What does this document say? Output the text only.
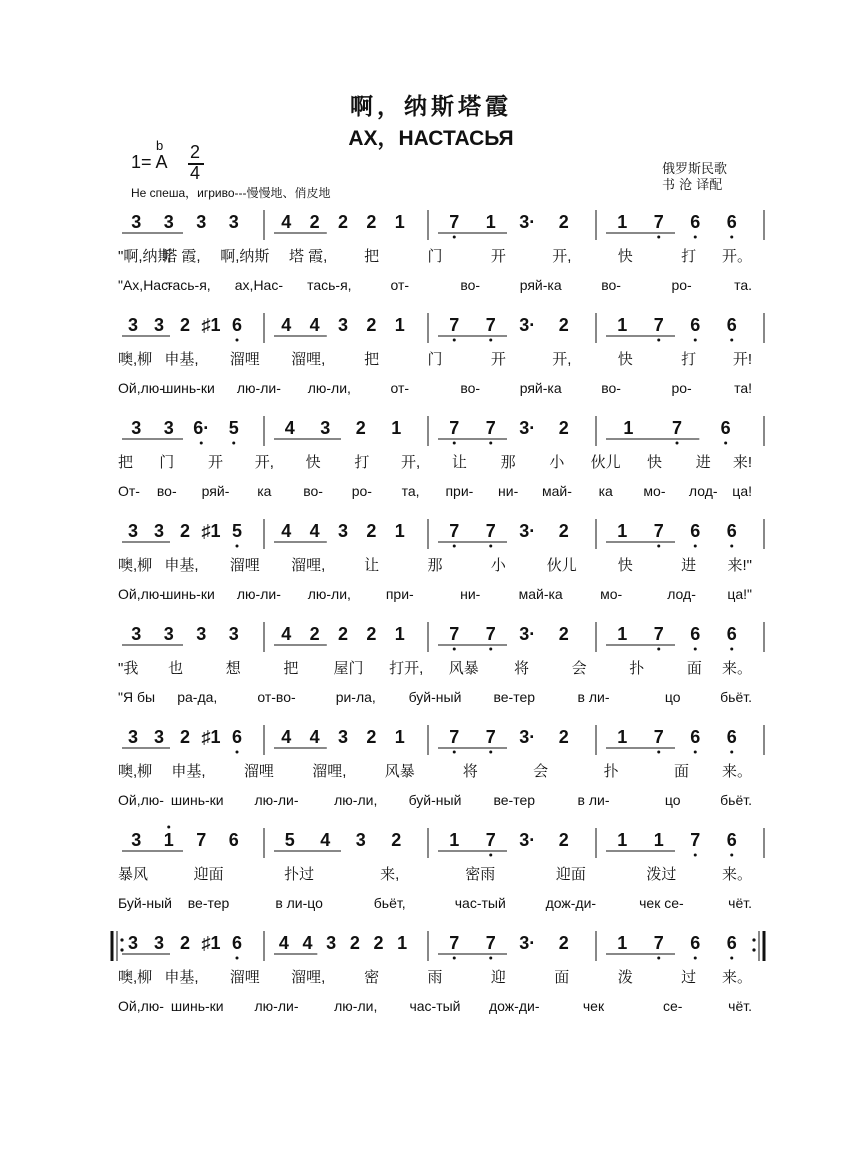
啊，纳斯塔霞
АХ，НАСТАСЬЯ
b
1= A 2
4
Не спеша，игриво---慢慢地、俏皮地
俄罗斯民歌
书 沧 译配
3 3 3 3 4 2 2 2 1 7 1 3· 2	1 7 6 6
"啊,纳斯
塔 霞, 啊,纳斯 塔 霞, 把	门	开	开,	快	打 开。
"Ах,Нас-
тась-я, ах,Нас- тась-я,	от-	во-	ряй-ка	во-	ро-	та.
3 3 2 ♯1 6 4 4 3 2 1 7 7 3· 2	1 7 6 6
噢,柳 申基, 溜哩 溜哩,	把	门	开	开,	快	打 开!
Ой,лю-
шинь-ки лю-ли- лю-ли,	от-	во-	ряй-ка	во-	ро-	та!
3 3 6· 5	4 3 2 1	7 7 3· 2	1 7 6
把 门 开 开, 快 打 开, 让 那 小 伙儿 快 进 来!
От- во- ряй- ка во- ро- та, при- ни- май- ка мо- лод- ца!
3 3 2 ♯1 5 4 4 3 2 1 7 7 3· 2	1 7 6 6
噢,柳 申基, 溜哩 溜哩,	让	那	小	伙儿	快	进 来!"
Ой,лю-
шинь-ки лю-ли- лю-ли, при-	ни-	май-ка	мо-	лод- ца!"
3 3 3 3 4 2 2 2 1 7 7 3· 2	1 7 6 6
"我 也	想	把 屋门 打开, 风暴 将	会	扑	面 来。
"Я бы ра-да,	от-во-	ри-ла, буй-ный ве-тер	в ли-	цо	бьёт.
3 3 2 ♯1 6 4 4 3 2 1 7 7 3· 2	1 7 6 6
噢,柳 申基,	溜哩	溜哩,	风暴	将	会	扑	面 来。
Ой,лю- шинь-ки лю-ли-	лю-ли, буй-ный ве-тер	в ли-	цо	бьёт.
3 1 7 6	5 4 3 2	1 7 3· 2	1 1 7 6
暴风	迎面	扑过	来,	密雨	迎面	泼过	来。
Буй-ный ве-тер	в ли-цо	бьёт,	час-тый	дож-ди-	чек се-	чёт.
3 3 2 ♯1 6 4 4 3 2 2 1 7 7 3· 2	1 7 6 6
噢,柳 申基, 溜哩 溜哩,	密	雨	迎	面	泼	过 来。
Ой,лю- шинь-ки лю-ли-	лю-ли, час-тый дож-ди-	чек	се-	чёт.
